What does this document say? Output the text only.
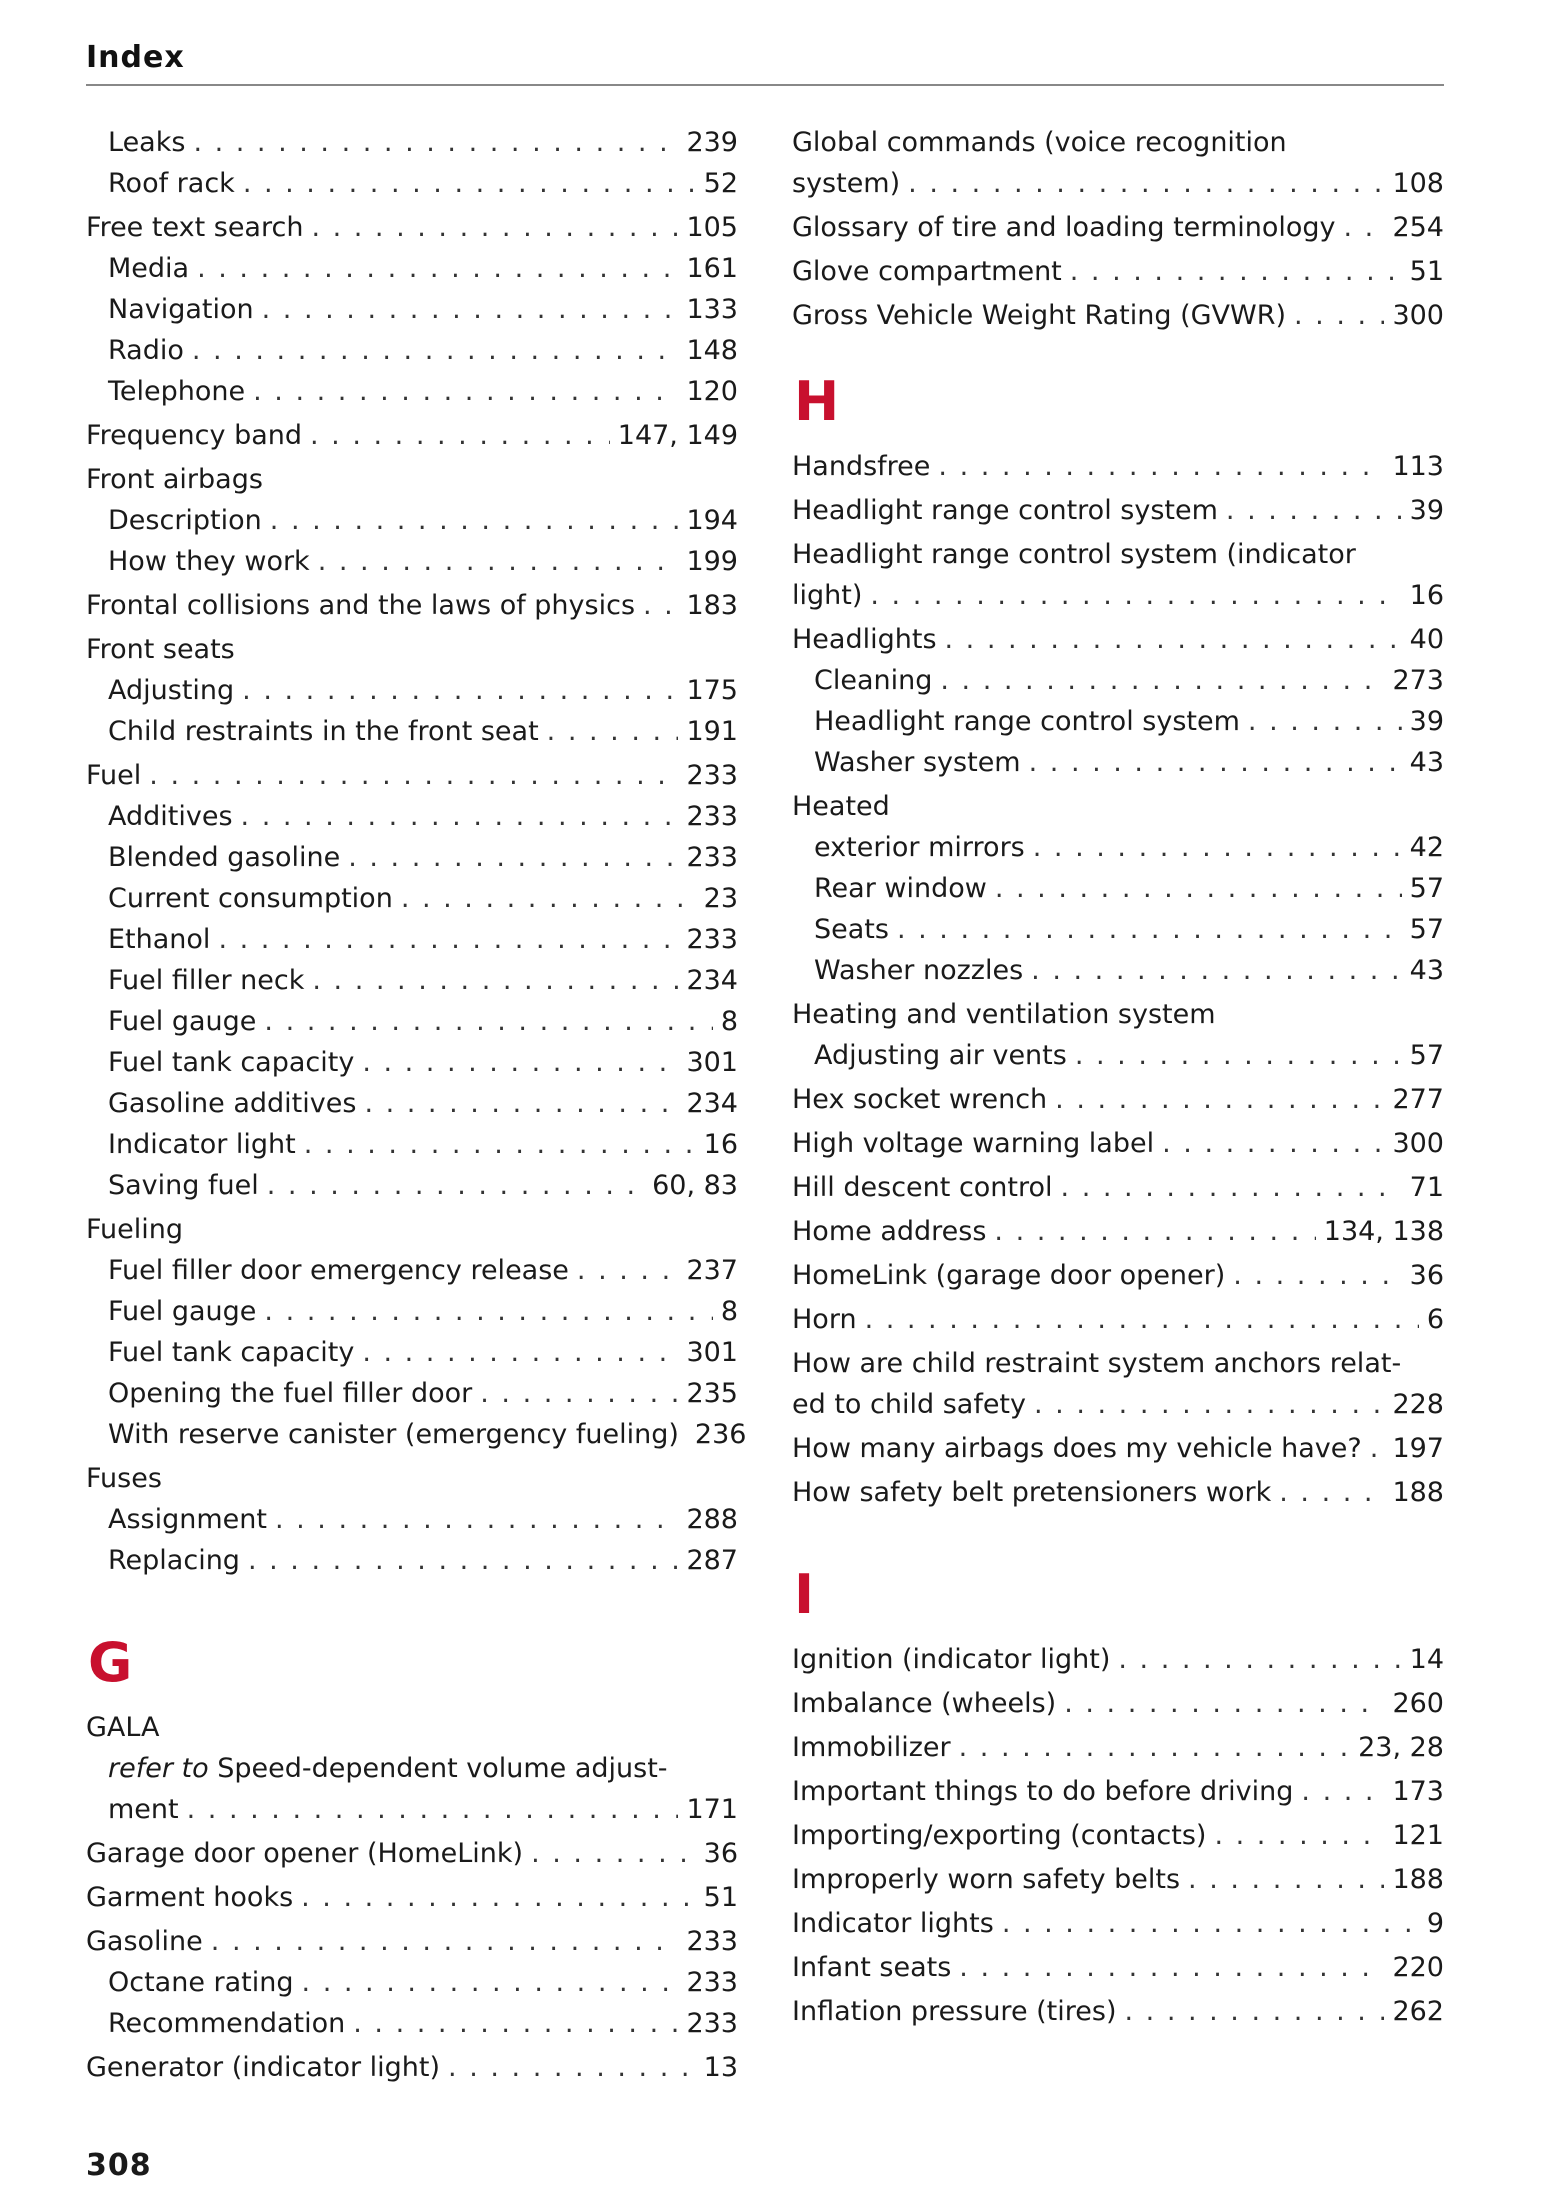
Index
Leaks . . .	239
Roof rack . . .	52
Free text search . . .	105
Media . . .	161
Navigation . . .	133
Radio . . .	148
Telephone . . .	120
Frequency band . . .	147, 149
Front airbags
Description . . .	194
How they work . . .	199
Frontal collisions and the laws of physics . . . 183
Front seats
Adjusting . . .	175
Child restraints in the front seat . . .	191
Fuel . . .	233
Additives . . .	233
Blended gasoline . . .	233
Current consumption . . .	23
Ethanol . . .	233
Fuel filler neck . . .	234
Fuel gauge . . .	8
Fuel tank capacity . . .	301
Gasoline additives . . .	234
Indicator light . . .	16
Saving fuel . . .	60, 83
Fueling
Fuel filler door emergency release . . .	237
Fuel gauge . . .	8
Fuel tank capacity . . .	301
Opening the fuel filler door . . .	235
With reserve canister (emergency fueling) 236
Fuses
Assignment . . .	288
Replacing . . .	287
G
GALA
refer to Speed-dependent volume adjust-
ment . . .	171
Garage door opener (HomeLink) . . .	36
Garment hooks . . .	51
Gasoline . . .	233
Octane rating . . .	233
Recommendation . . .	233
Generator (indicator light) . . .	13
Global commands (voice recognition
system) . . .	108
Glossary of tire and loading terminology . . . 254
Glove compartment . . .	51
Gross Vehicle Weight Rating (GVWR) . . .	300
H
Handsfree . . .	113
Headlight range control system . . .	39
Headlight range control system (indicator
light) . . .	16
Headlights . . .	40
Cleaning . . .	273
Headlight range control system . . .	39
Washer system . . .	43
Heated
exterior mirrors . . .	42
Rear window . . .	57
Seats . . .	57
Washer nozzles . . .	43
Heating and ventilation system
Adjusting air vents . . .	57
Hex socket wrench . . .	277
High voltage warning label . . .	300
Hill descent control . . .	71
Home address . . .	134, 138
HomeLink (garage door opener) . . .	36
Horn . . .	6
How are child restraint system anchors relat-
ed to child safety . . .	228
How many airbags does my vehicle have? . . . 197
How safety belt pretensioners work . . .	188
I
Ignition (indicator light) . . .	14
Imbalance (wheels) . . .	260
Immobilizer . . .	23, 28
Important things to do before driving . . .	173
Importing/exporting (contacts) . . .	121
Improperly worn safety belts . . .	188
Indicator lights . . .	9
Infant seats . . .	220
Inflation pressure (tires) . . .	262
308
